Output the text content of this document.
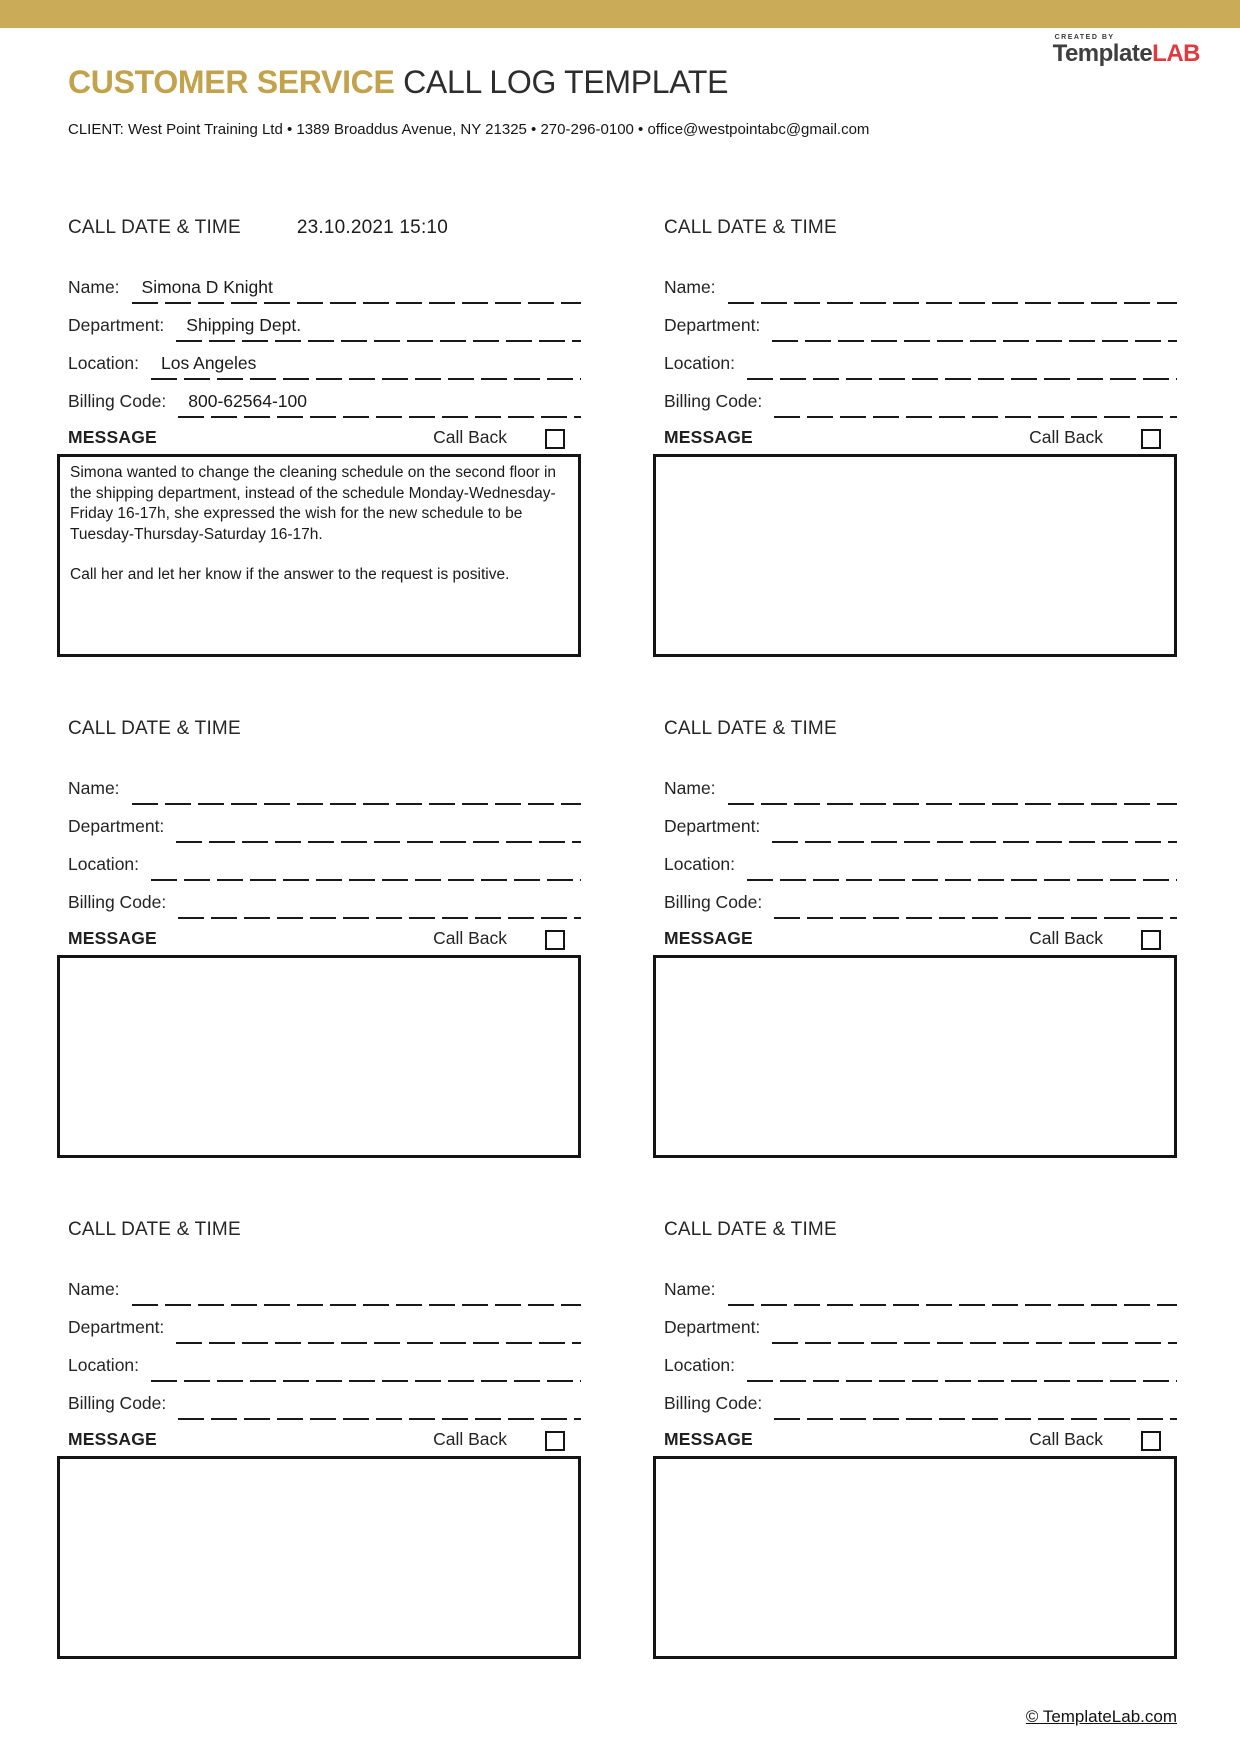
CREATED BY
TemplateLAB
CUSTOMER SERVICE CALL LOG TEMPLATE
CLIENT: West Point Training Ltd • 1389 Broaddus Avenue, NY 21325 • 270-296-0100 • office@westpointabc@gmail.com
CALL DATE & TIME	23.10.2021 15:10
Name:	Simona D Knight
Department:	Shipping Dept.
Location:	Los Angeles
Billing Code:	800-62564-100
MESSAGE	Call Back

Simona wanted to change the cleaning schedule on the second floor in the shipping department, instead of the schedule Monday-Wednesday-Friday 16-17h, she expressed the wish for the new schedule to be Tuesday-Thursday-Saturday 16-17h.

Call her and let her know if the answer to the request is positive.

CALL DATE & TIME
Name:
Department:
Location:
Billing Code:
MESSAGE	Call Back

CALL DATE & TIME
Name:
Department:
Location:
Billing Code:
MESSAGE	Call Back

CALL DATE & TIME
Name:
Department:
Location:
Billing Code:
MESSAGE	Call Back

CALL DATE & TIME
Name:
Department:
Location:
Billing Code:
MESSAGE	Call Back

CALL DATE & TIME
Name:
Department:
Location:
Billing Code:
MESSAGE	Call Back

© TemplateLab.com
